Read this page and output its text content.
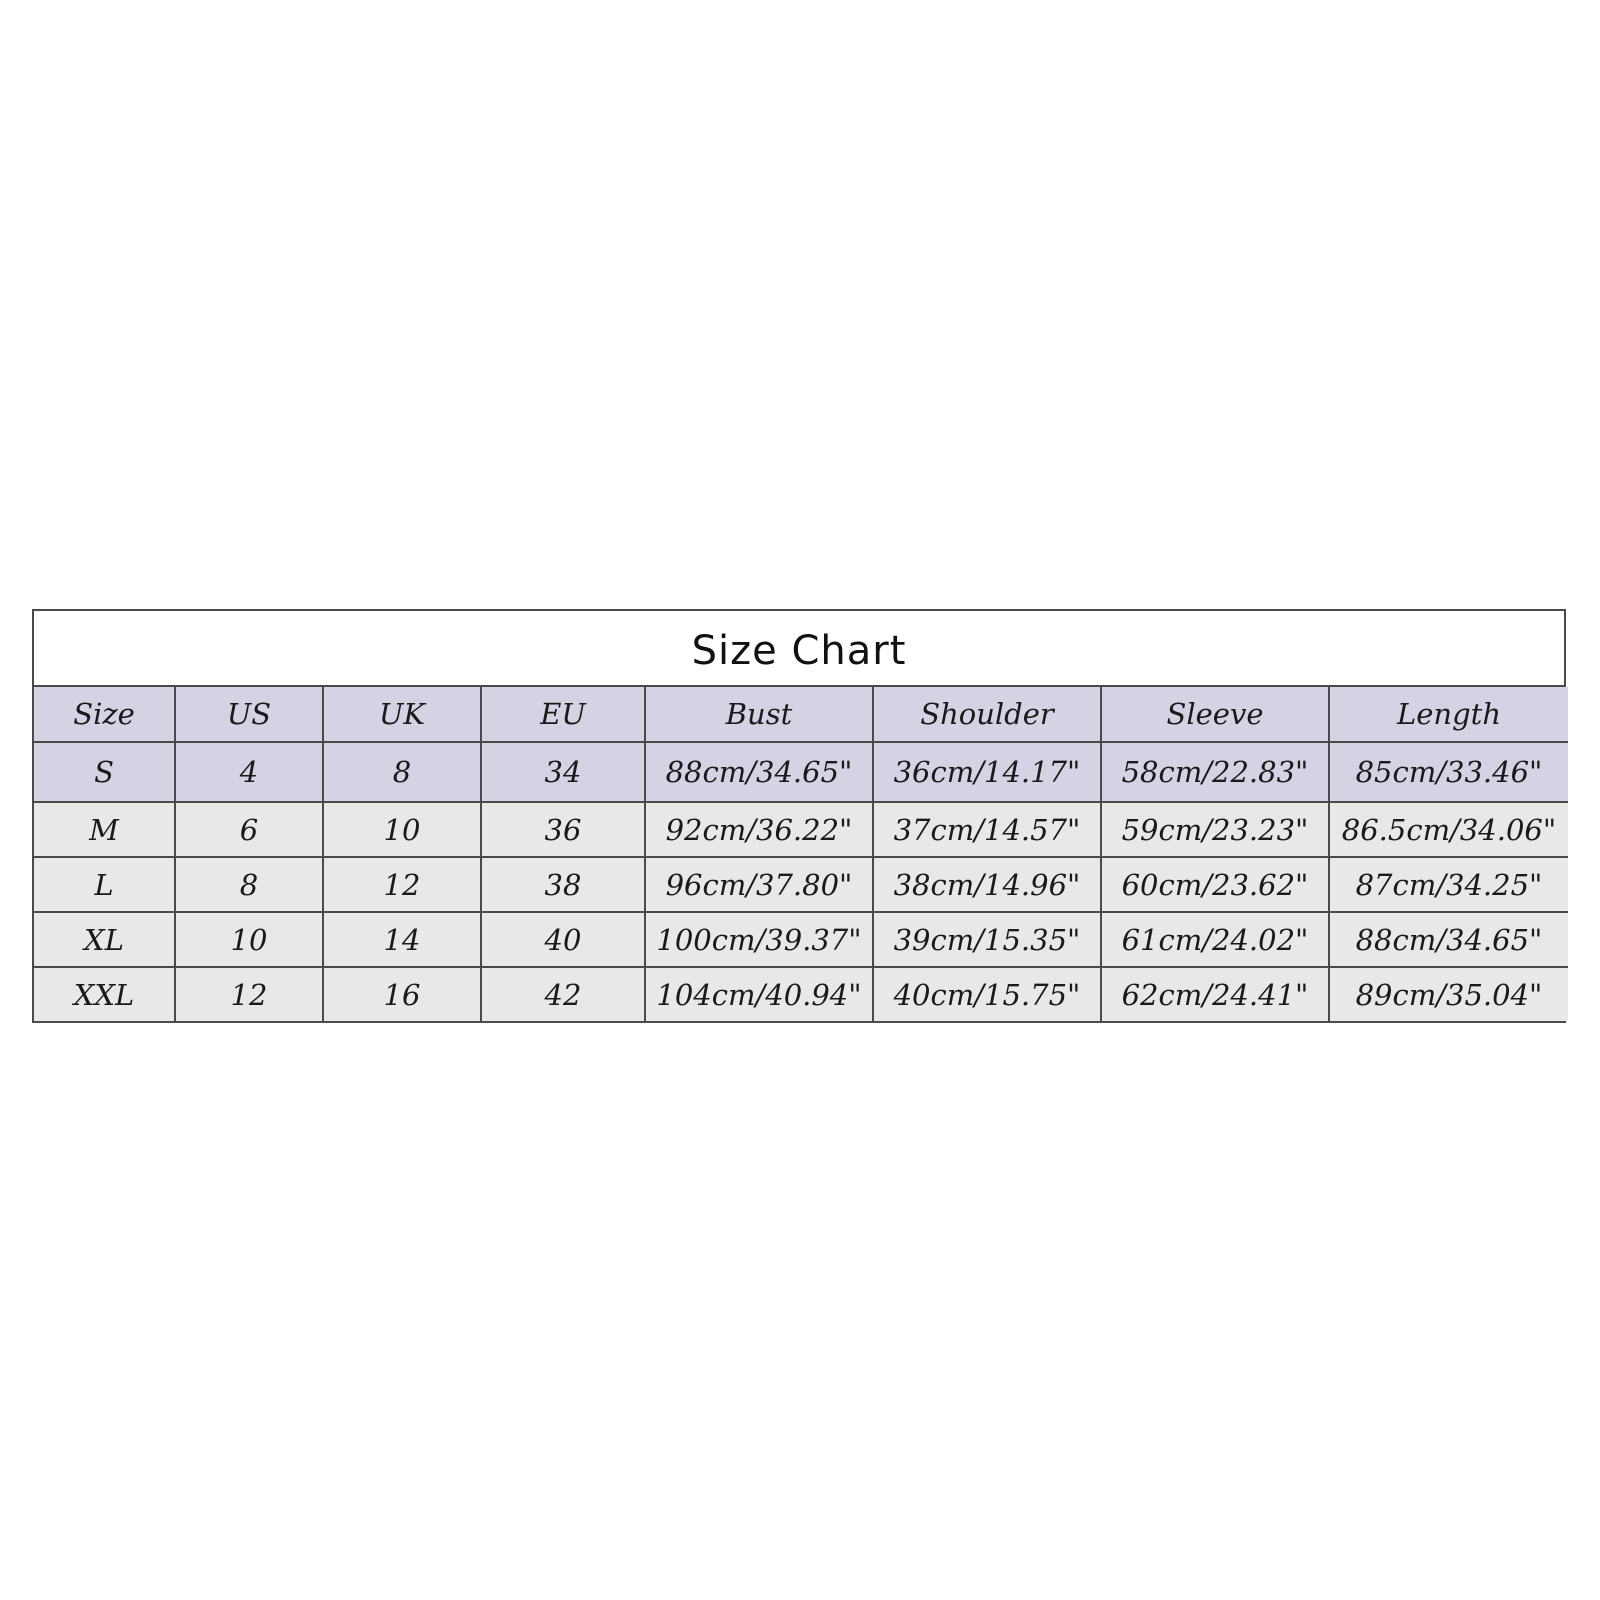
Size Chart
Size	US	UK	EU	Bust	Shoulder	Sleeve	Length
S	4	8	34	88cm/34.65"	36cm/14.17"	58cm/22.83"	85cm/33.46"
M	6	10	36	92cm/36.22"	37cm/14.57"	59cm/23.23"	86.5cm/34.06"
L	8	12	38	96cm/37.80"	38cm/14.96"	60cm/23.62"	87cm/34.25"
XL	10	14	40	100cm/39.37"	39cm/15.35"	61cm/24.02"	88cm/34.65"
XXL	12	16	42	104cm/40.94"	40cm/15.75"	62cm/24.41"	89cm/35.04"
